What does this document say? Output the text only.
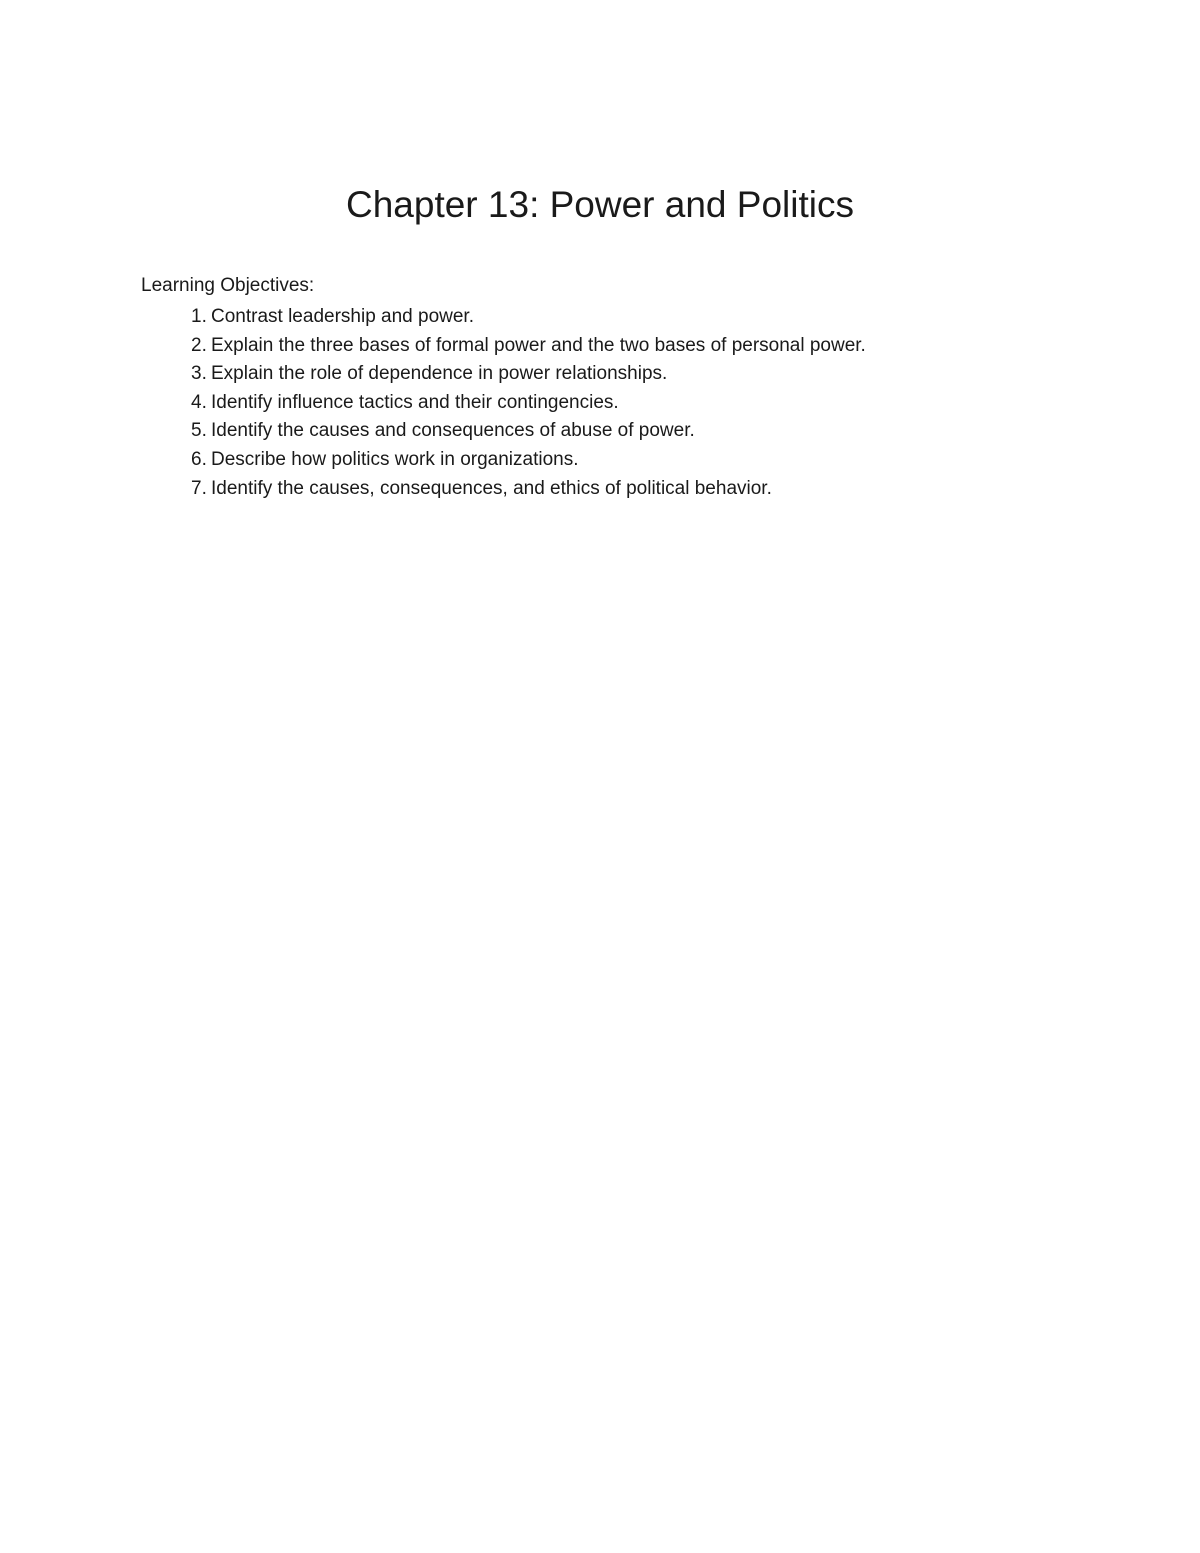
Chapter 13: Power and Politics

Learning Objectives:

1. Contrast leadership and power.
2. Explain the three bases of formal power and the two bases of personal power.
3. Explain the role of dependence in power relationships.
4. Identify influence tactics and their contingencies.
5. Identify the causes and consequences of abuse of power.
6. Describe how politics work in organizations.
7. Identify the causes, consequences, and ethics of political behavior.
